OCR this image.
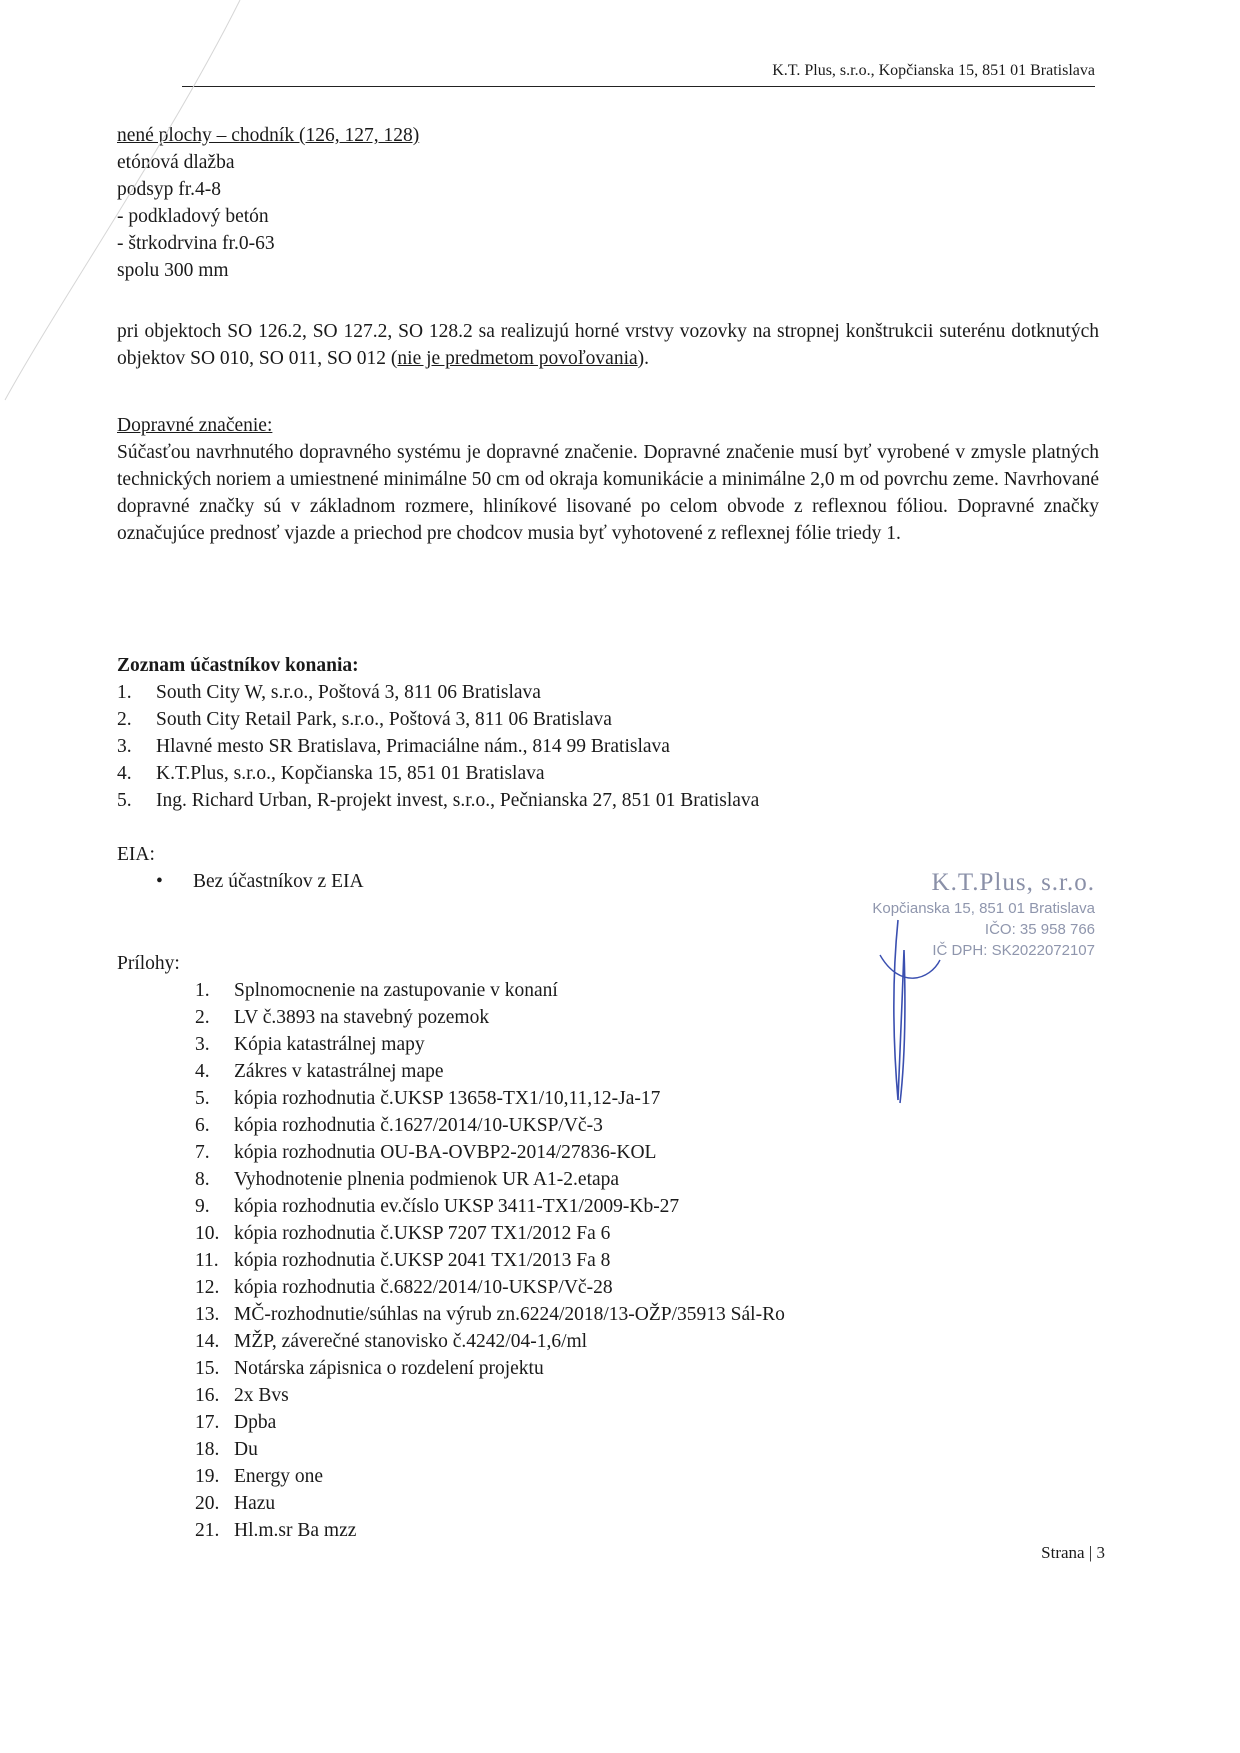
K.T. Plus, s.r.o., Kopčianska 15, 851 01 Bratislava
nené plochy – chodník (126, 127, 128)
etónová dlažba
podsyp fr.4-8
- podkladový betón
- štrkodrvina fr.0-63
spolu 300 mm
pri objektoch SO 126.2, SO 127.2, SO 128.2 sa realizujú horné vrstvy vozovky na stropnej konštrukcii suterénu dotknutých objektov SO 010, SO 011, SO 012 (nie je predmetom povoľovania).
Dopravné značenie:
Súčasťou navrhnutého dopravného systému je dopravné značenie. Dopravné značenie musí byť vyrobené v zmysle platných technických noriem a umiestnené minimálne 50 cm od okraja komunikácie a minimálne 2,0 m od povrchu zeme. Navrhované dopravné značky sú v základnom rozmere, hliníkové lisované po celom obvode z reflexnou fóliou. Dopravné značky označujúce prednosť vjazde a priechod pre chodcov musia byť vyhotovené z reflexnej fólie triedy 1.
Zoznam účastníkov konania:
1.	South City W, s.r.o., Poštová 3, 811 06 Bratislava
2.	South City Retail Park, s.r.o., Poštová 3, 811 06 Bratislava
3.	Hlavné mesto SR Bratislava, Primaciálne nám., 814 99 Bratislava
4.	K.T.Plus, s.r.o., Kopčianska 15, 851 01 Bratislava
5.	Ing. Richard Urban, R-projekt invest, s.r.o., Pečnianska 27, 851 01 Bratislava
EIA:
• Bez účastníkov z EIA
Prílohy:
1.	Splnomocnenie na zastupovanie v konaní
2.	LV č.3893 na stavebný pozemok
3.	Kópia katastrálnej mapy
4.	Zákres v katastrálnej mape
5.	kópia rozhodnutia č.UKSP 13658-TX1/10,11,12-Ja-17
6.	kópia rozhodnutia č.1627/2014/10-UKSP/Vč-3
7.	kópia rozhodnutia OU-BA-OVBP2-2014/27836-KOL
8.	Vyhodnotenie plnenia podmienok UR A1-2.etapa
9.	kópia rozhodnutia ev.číslo UKSP 3411-TX1/2009-Kb-27
10. kópia rozhodnutia č.UKSP 7207 TX1/2012 Fa 6
11. kópia rozhodnutia č.UKSP 2041 TX1/2013 Fa 8
12. kópia rozhodnutia č.6822/2014/10-UKSP/Vč-28
13. MČ-rozhodnutie/súhlas na výrub zn.6224/2018/13-OŽP/35913 Sál-Ro
14. MŽP, záverečné stanovisko č.4242/04-1,6/ml
15. Notárska zápisnica o rozdelení projektu
16. 2x Bvs
17. Dpba
18. Du
19. Energy one
20. Hazu
21. Hl.m.sr Ba mzz
K.T.Plus, s.r.o.
Kopčianska 15, 851 01 Bratislava
IČO: 35 958 766
IČ DPH: SK2022072107
Strana | 3
